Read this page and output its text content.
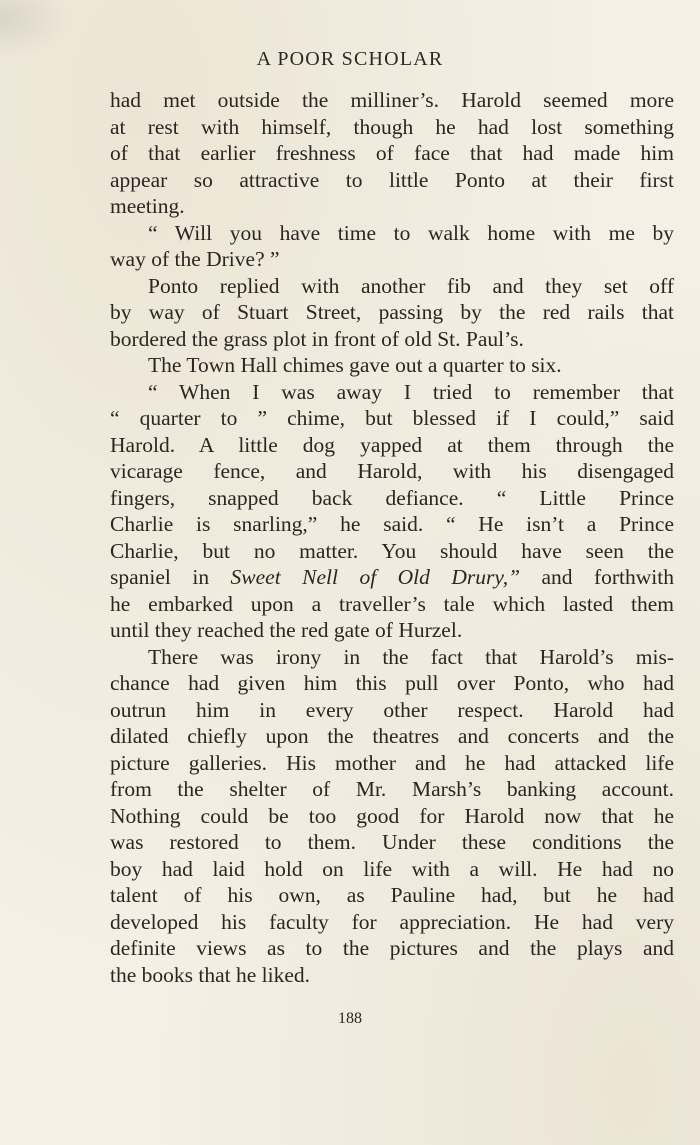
A POOR SCHOLAR
had met outside the milliner’s. Harold seemed more
at rest with himself, though he had lost something
of that earlier freshness of face that had made him
appear so attractive to little Ponto at their first
meeting.
“ Will you have time to walk home with me by
way of the Drive? ”
Ponto replied with another fib and they set off
by way of Stuart Street, passing by the red rails that
bordered the grass plot in front of old St. Paul’s.
The Town Hall chimes gave out a quarter to six.
“ When I was away I tried to remember that
“ quarter to ” chime, but blessed if I could,” said
Harold. A little dog yapped at them through the
vicarage fence, and Harold, with his disengaged
fingers, snapped back defiance. “ Little Prince
Charlie is snarling,” he said. “ He isn’t a Prince
Charlie, but no matter. You should have seen the
spaniel in Sweet Nell of Old Drury,” and forthwith
he embarked upon a traveller’s tale which lasted them
until they reached the red gate of Hurzel.
There was irony in the fact that Harold’s mis-
chance had given him this pull over Ponto, who had
outrun him in every other respect. Harold had
dilated chiefly upon the theatres and concerts and the
picture galleries. His mother and he had attacked life
from the shelter of Mr. Marsh’s banking account.
Nothing could be too good for Harold now that he
was restored to them. Under these conditions the
boy had laid hold on life with a will. He had no
talent of his own, as Pauline had, but he had
developed his faculty for appreciation. He had very
definite views as to the pictures and the plays and
the books that he liked.
188
